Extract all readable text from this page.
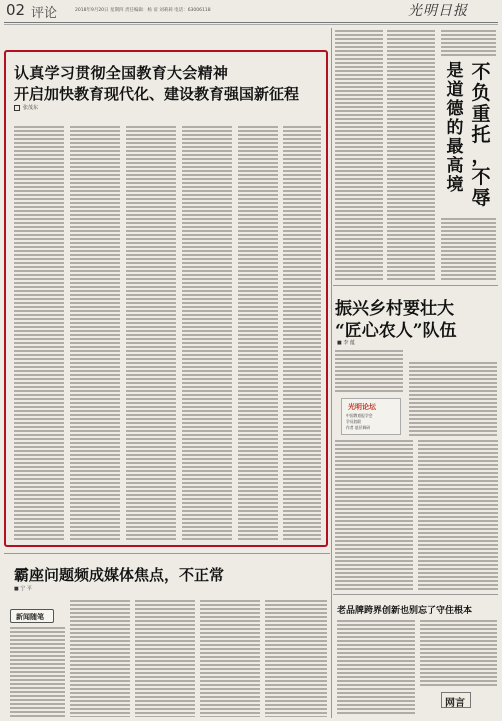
02 评论	2018年9月20日 星期四 责任编辑：杨 谊 刘莉莉 电话：63006118	光明日报
认真学习贯彻全国教育大会精神
开启加快教育现代化、建设教育强国新征程
张茂东
不
负
重
托
，
不
辱
是
道
德
的
最
高
境
振兴乡村要壮大
“匠心农人”队伍
■ 李 蕴
光明论坛
中国教育报学会
学员院联
作者 基层调研
霸座问题频成媒体焦点，不正常
■ 宁 平
新闻随笔
老品牌跨界创新也别忘了守住根本
网言
